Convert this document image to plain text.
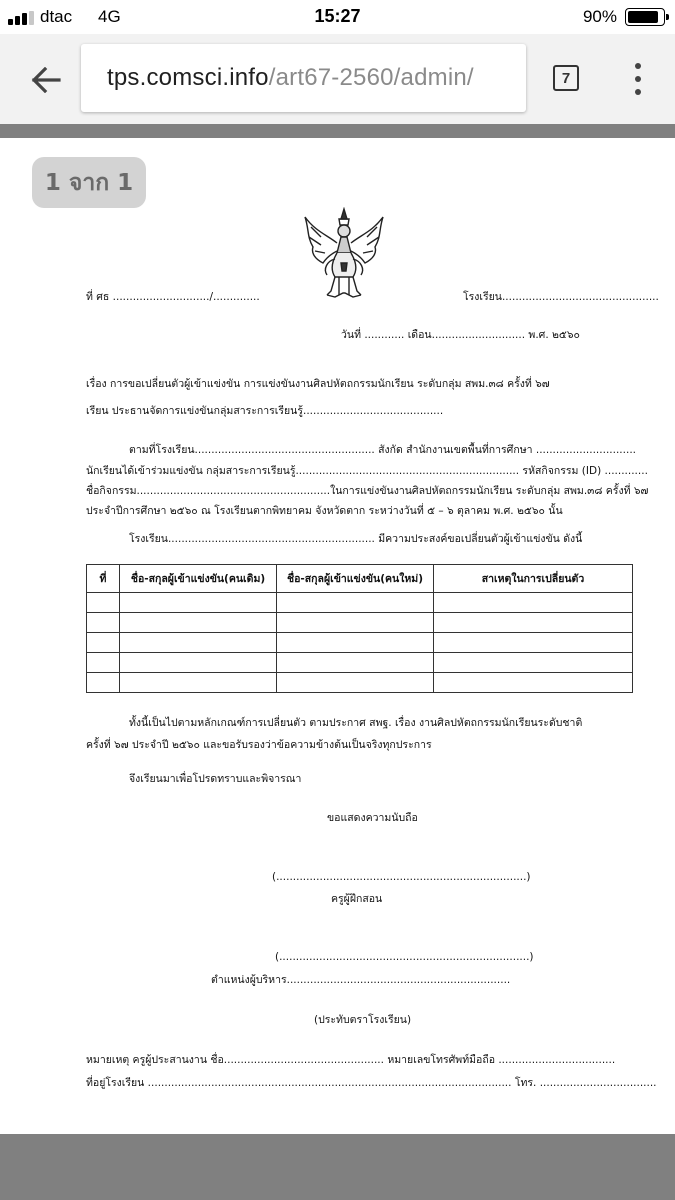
dtac 4G	15:27	90%
tps.comsci.info/art67-2560/admin/	7
1 จาก 1
ที่ ศธ ............................./..............	โรงเรียน...............................................
วันที่ ............ เดือน............................ พ.ศ. ๒๕๖๐
เรื่อง การขอเปลี่ยนตัวผู้เข้าแข่งขัน การแข่งขันงานศิลปหัตถกรรมนักเรียน ระดับกลุ่ม สพม.๓๘ ครั้งที่ ๖๗
เรียน ประธานจัดการแข่งขันกลุ่มสาระการเรียนรู้..........................................
ตามที่โรงเรียน...................................................... สังกัด สำนักงานเขตพื้นที่การศึกษา ..............................
นักเรียนได้เข้าร่วมแข่งขัน กลุ่มสาระการเรียนรู้................................................................... รหัสกิจกรรม (ID) .............
ชื่อกิจกรรม..........................................................ในการแข่งขันงานศิลปหัตถกรรมนักเรียน ระดับกลุ่ม สพม.๓๘ ครั้งที่ ๖๗
ประจำปีการศึกษา ๒๕๖๐ ณ โรงเรียนตากพิทยาคม จังหวัดตาก ระหว่างวันที่ ๕ – ๖ ตุลาคม พ.ศ. ๒๕๖๐ นั้น
โรงเรียน.............................................................. มีความประสงค์ขอเปลี่ยนตัวผู้เข้าแข่งขัน ดังนี้
ที่	ชื่อ-สกุลผู้เข้าแข่งขัน(คนเดิม)	ชื่อ-สกุลผู้เข้าแข่งขัน(คนใหม่)	สาเหตุในการเปลี่ยนตัว

ทั้งนี้เป็นไปตามหลักเกณฑ์การเปลี่ยนตัว ตามประกาศ สพฐ. เรื่อง งานศิลปหัตถกรรมนักเรียนระดับชาติ
ครั้งที่ ๖๗ ประจำปี ๒๕๖๐ และขอรับรองว่าข้อความข้างต้นเป็นจริงทุกประการ
จึงเรียนมาเพื่อโปรดทราบและพิจารณา
ขอแสดงความนับถือ
(...........................................................................)
ครูผู้ฝึกสอน
(...........................................................................)
ตำแหน่งผู้บริหาร...................................................................
(ประทับตราโรงเรียน)
หมายเหตุ ครูผู้ประสานงาน ชื่อ................................................ หมายเลขโทรศัพท์มือถือ ...................................
ที่อยู่โรงเรียน ............................................................................................................. โทร. ...................................
